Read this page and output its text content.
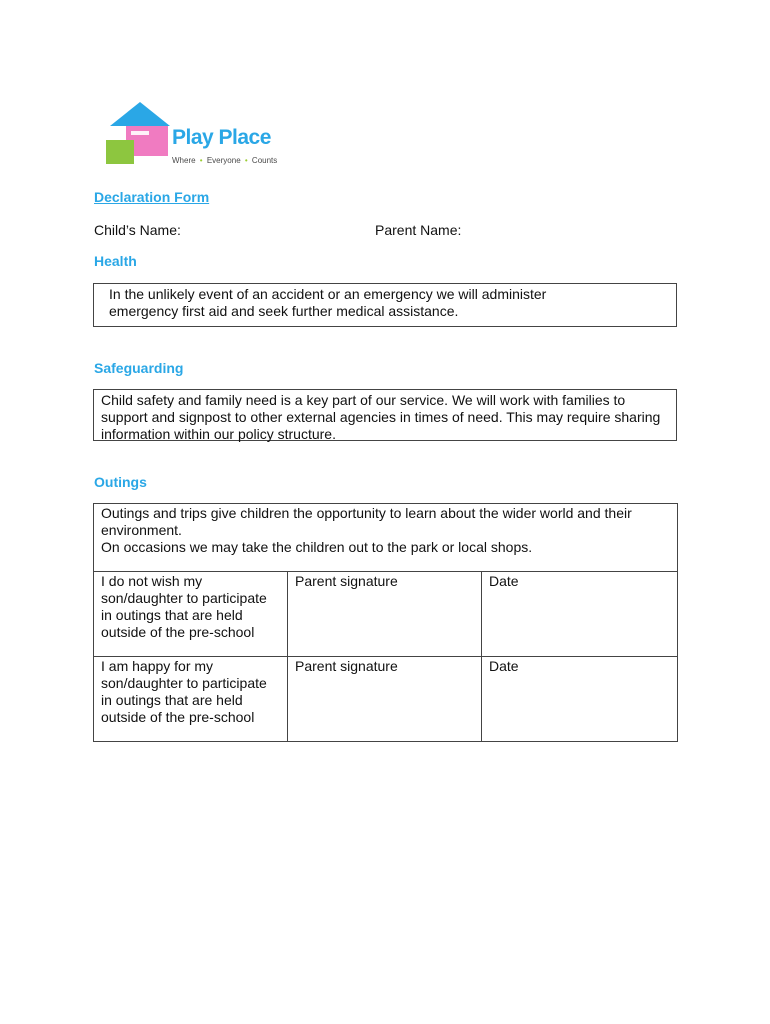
Play Place
Where • Everyone • Counts
Declaration Form
Child’s Name:	Parent Name:
Health

In the unlikely event of an accident or an emergency we will administer emergency first aid and seek further medical assistance.

Safeguarding

Child safety and family need is a key part of our service. We will work with families to support and signpost to other external agencies in times of need. This may require sharing information within our policy structure.

Outings
Outings and trips give children the opportunity to learn about the wider world and their environment.
On occasions we may take the children out to the park or local shops.		

I do not wish my son/daughter to participate in outings that are held outside of the pre-school	Parent signature	Date
I am happy for my son/daughter to participate in outings that are held outside of the pre-school	Parent signature	Date
